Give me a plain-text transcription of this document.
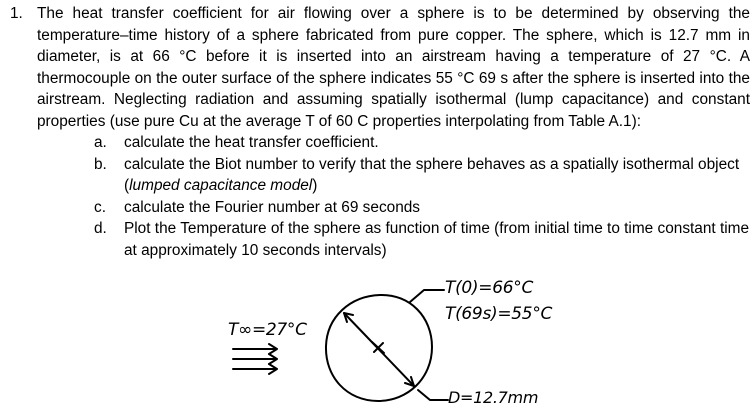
1. The heat transfer coefficient for air flowing over a sphere is to be determined by observing the temperature–time history of a sphere fabricated from pure copper. The sphere, which is 12.7 mm in diameter, is at 66 °C before it is inserted into an airstream having a temperature of 27 °C. A thermocouple on the outer surface of the sphere indicates 55 °C 69 s after the sphere is inserted into the airstream. Neglecting radiation and assuming spatially isothermal (lump capacitance) and constant properties (use pure Cu at the average T of 60 C properties interpolating from Table A.1):
a.	calculate the heat transfer coefficient.
b.	calculate the Biot number to verify that the sphere behaves as a spatially isothermal object (lumped capacitance model)
c.	calculate the Fourier number at 69 seconds
d.	Plot the Temperature of the sphere as function of time (from initial time to time constant time at approximately 10 seconds intervals)
T∞=27°C
T(0)=66°C
T(69s)=55°C
D=12.7mm
